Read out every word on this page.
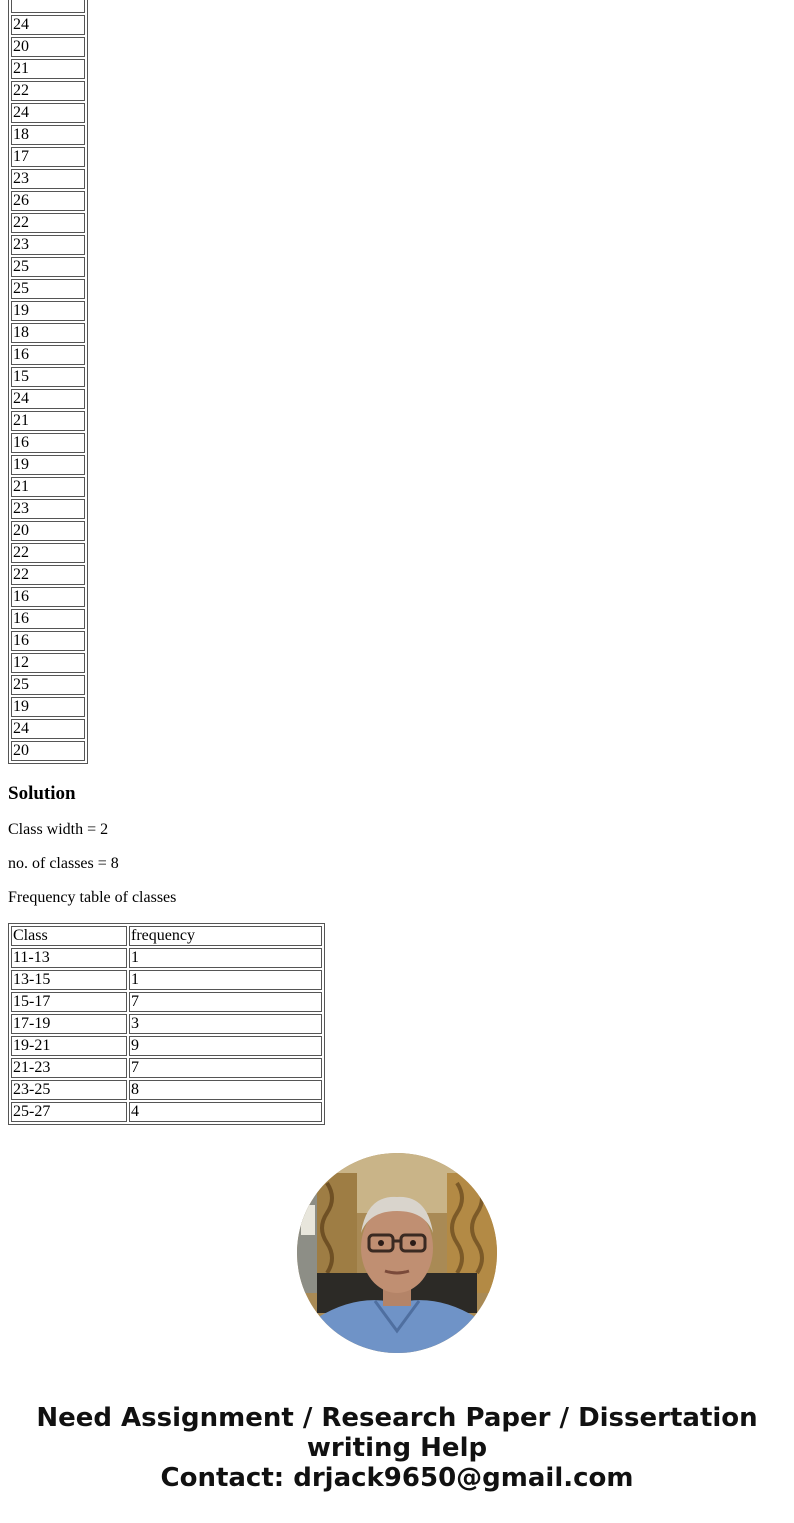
24
20
21
22
24
18
17
23
26
22
23
25
25
19
18
16
15
24
21
16
19
21
23
20
22
22
16
16
16
12
25
19
24
20
Solution

Class width = 2

no. of classes = 8

Frequency table of classes

Class	frequency
11-13	1
13-15	1
15-17	7
17-19	3
19-21	9
21-23	7
23-25	8
25-27	4
Need Assignment / Research Paper / Dissertation
writing Help
Contact: drjack9650@gmail.com
